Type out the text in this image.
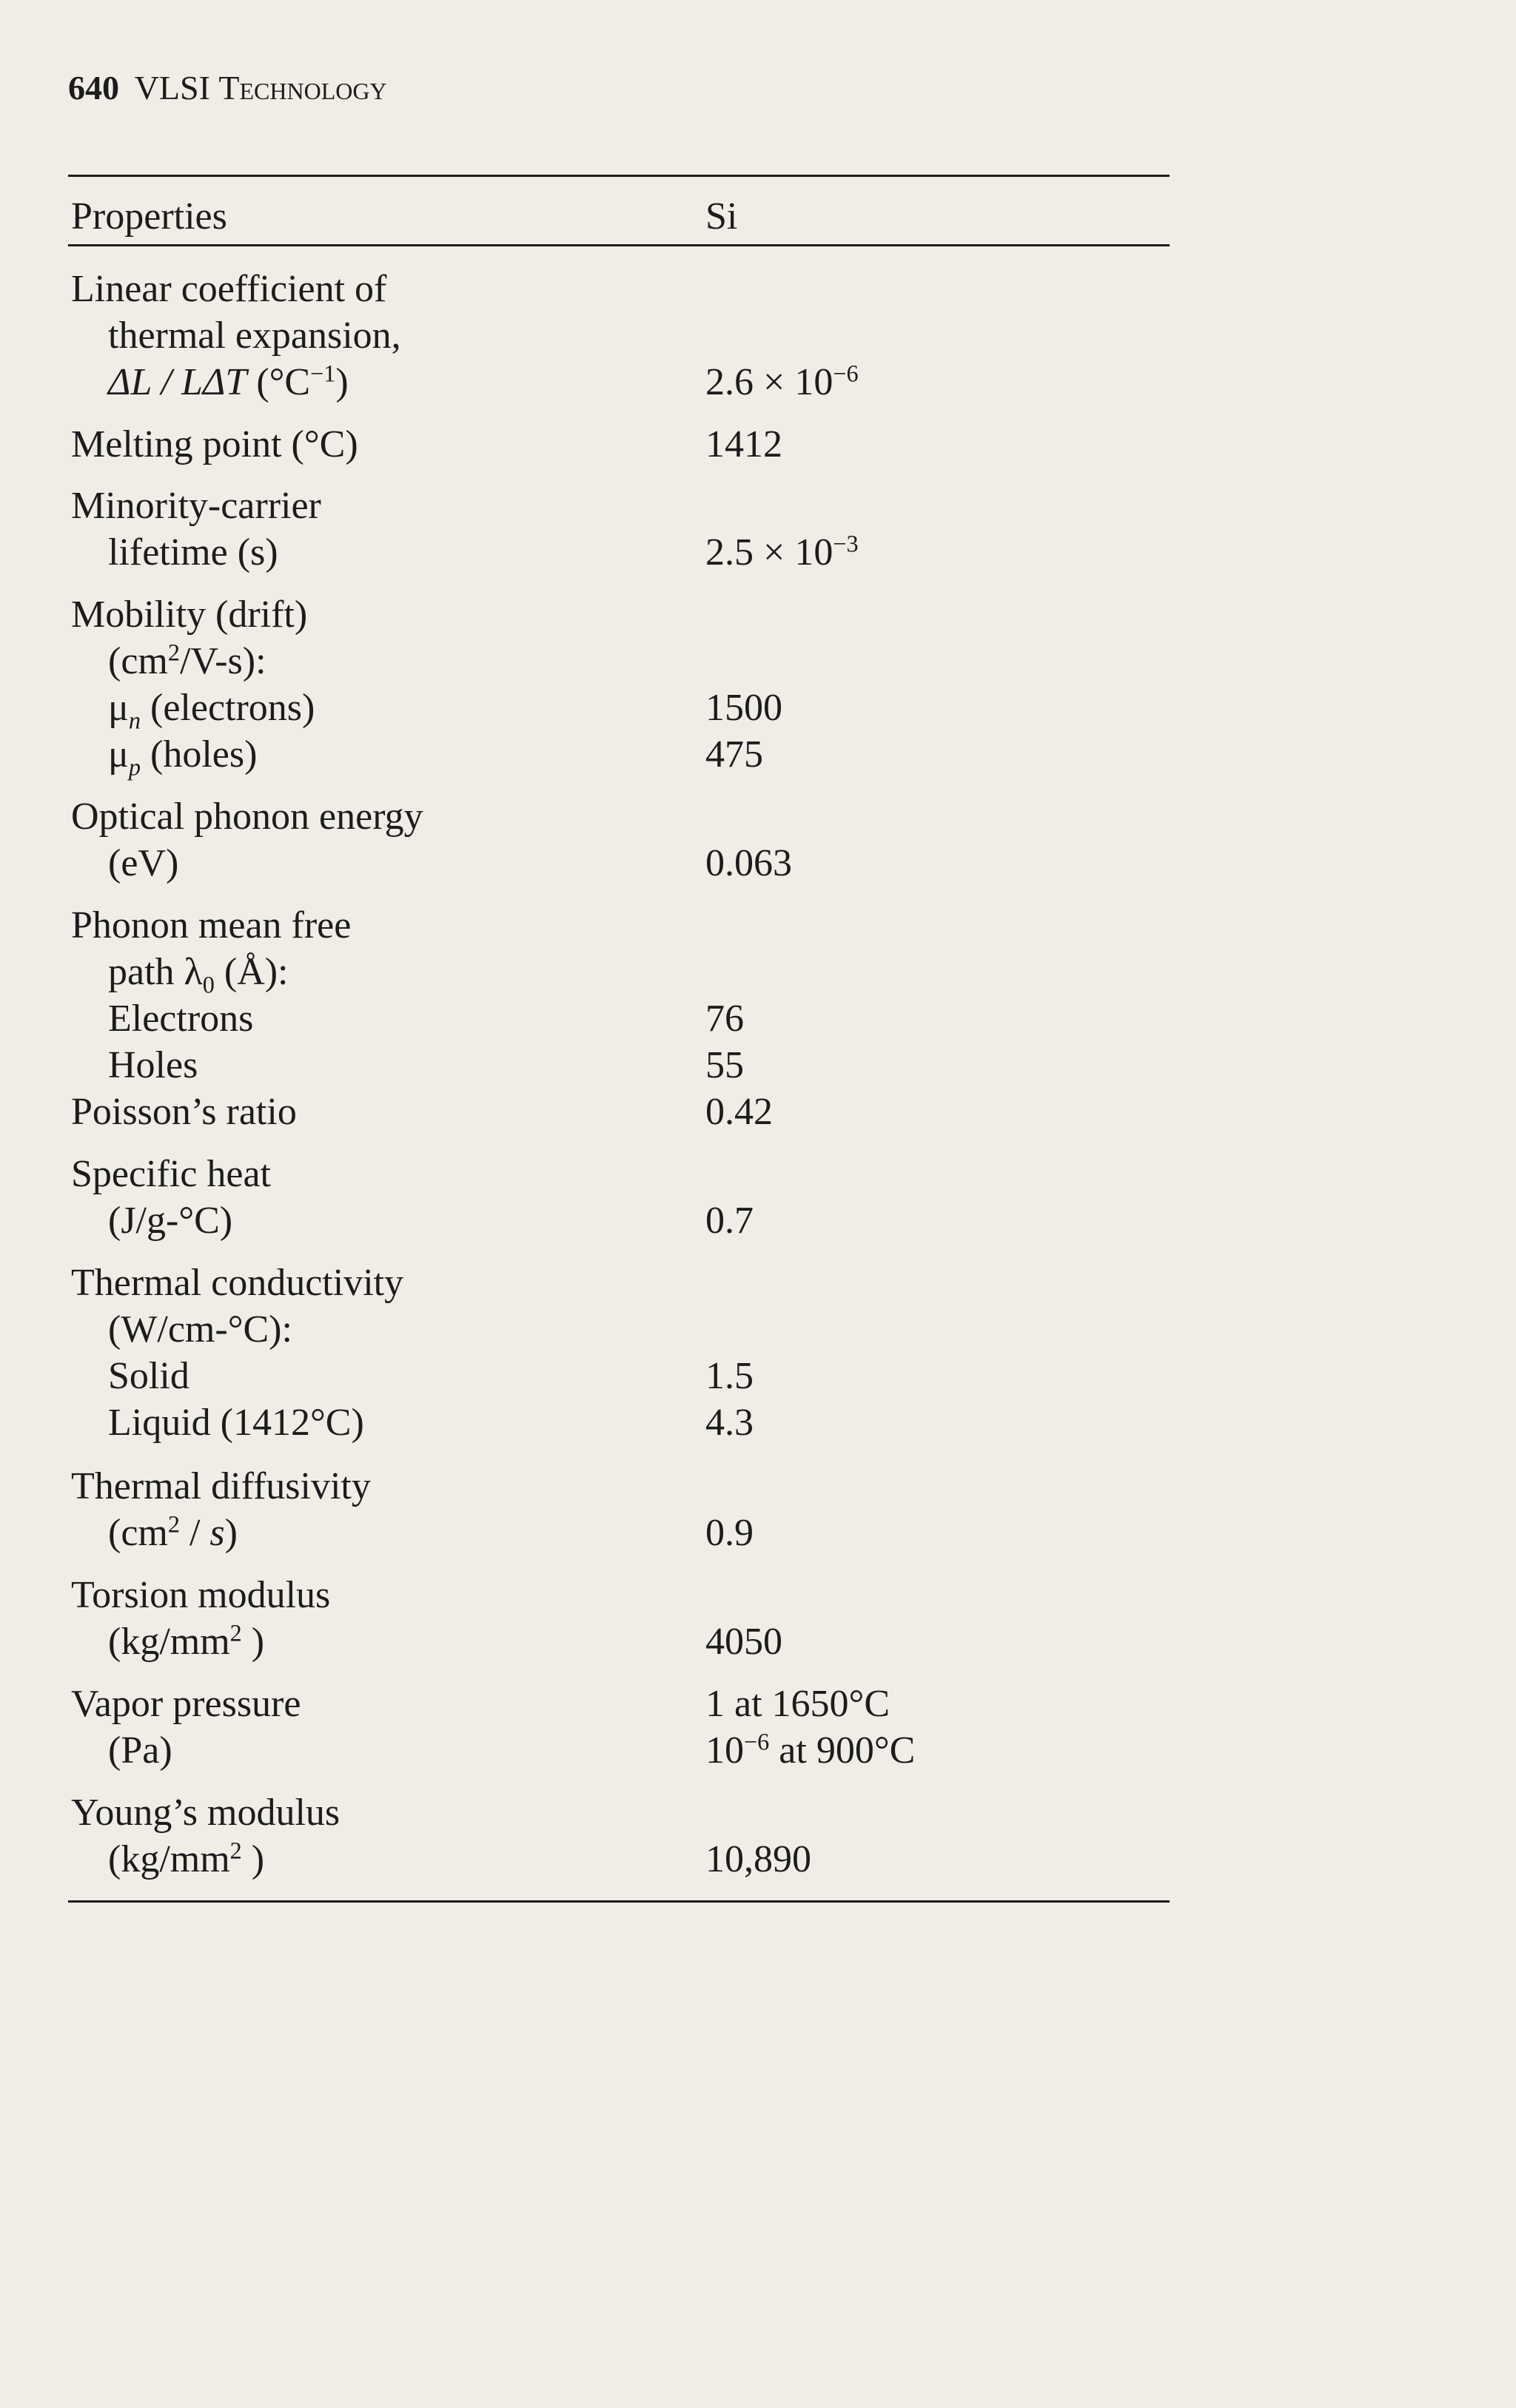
640 VLSI Technology
Properties	Si
Linear coefficient of
thermal expansion,
ΔL / LΔT $(^\circ C^{-1})$	$2.6 \times 10^{-6}$
Melting point (°C)	1412
Minority-carrier
lifetime (s)	$2.5 \times 10^{-3}$
Mobility (drift)
$(cm^2/V-s)$:
$\mu_n$ (electrons)	1500
$\mu_p$ (holes)	475
Optical phonon energy
(eV)	0.063
Phonon mean free
path $\lambda_0$ (Å):
Electrons	76
Holes	55
Poisson’s ratio	0.42
Specific heat
(J/g-°C)	0.7
Thermal conductivity
(W/cm-°C):
Solid	1.5
Liquid (1412°C)	4.3
Thermal diffusivity
$(cm^2 / s)$	0.9
Torsion modulus
($kg/mm^2$ )	4050
Vapor pressure	1 at 1650°C
(Pa)	$10^{-6}$ at 900°C
Young’s modulus
($kg/mm^2$ )	10,890
